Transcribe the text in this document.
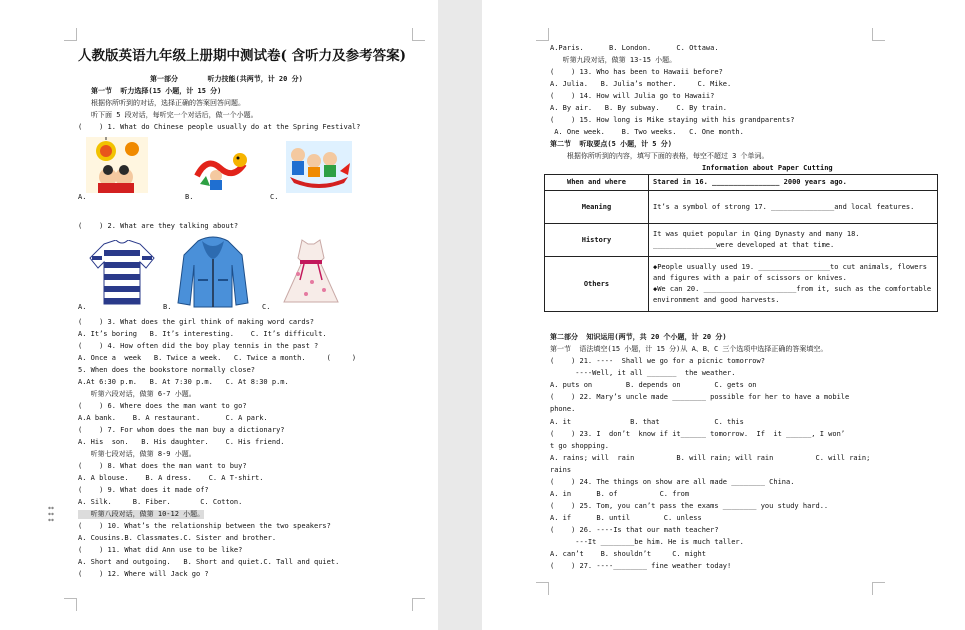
人教版英语九年级上册期中测试卷( 含听力及参考答案)
第一部分       听力技能(共两节，计 20 分)
第一节  听力选择(15 小题，计 15 分)
根据你所听到的对话，选择正确的答案回答问题。
听下面 5 段对话，每听完一个对话后，做一个小题。
(    ) 1. What do Chinese people usually do at the Spring Festival?
A.	B.	C.
(    ) 2. What are they talking about?
A.	B.	C.
(    ) 3. What does the girl think of making word cards?
A. It’s boring   B. It’s interesting.    C. It’s difficult.
(    ) 4. How often did the boy play tennis in the past ?
A. Once a  week   B. Twice a week.   C. Twice a month.     (     )
5. When does the bookstore normally close?
A.At 6:30 p.m.   B. At 7:30 p.m.   C. At 8:30 p.m.
听第六段对话，做第 6-7 小题。
(    ) 6. Where does the man want to go?
A.A bank.    B. A restaurant.      C. A park.
(    ) 7. For whom does the man buy a dictionary?
A. His  son.   B. His daughter.    C. His friend.
听第七段对话，做第 8-9 小题。
(    ) 8. What does the man want to buy?
A. A blouse.    B. A dress.    C. A T-shirt.
(    ) 9. What does it made of?
A. Silk.     B. Fiber.       C. Cotton.
听第八段对话，做第 10-12 小题。
(    ) 10. What’s the relationship between the two speakers?
A. Cousins.B. Classmates.C. Sister and brother.
(    ) 11. What did Ann use to be like?
A. Short and outgoing.   B. Short and quiet.C. Tall and quiet.
(    ) 12. Where will Jack go ?
A.Paris.      B. London.      C. Ottawa.
听第九段对话，做第 13-15 小题。
(    ) 13. Who has been to Hawaii before?
A. Julia.   B. Julia’s mother.     C. Mike.
(    ) 14. How will Julia go to Hawaii?
A. By air.   B. By subway.    C. By train.
(    ) 15. How long is Mike staying with his grandparents?
A. One week.    B. Two weeks.   C. One month.
第二节  听取要点(5 小题，计 5 分)
根据你所听到的内容，填写下面的表格，每空不超过 3 个单词。
Information about Paper Cutting
When and where	Stared in 16. ________________ 2000 years ago.
Meaning	It’s a symbol of strong 17. _______________and local features.
History	It was quiet popular in Qing Dynasty and many 18. _______________were developed at that time.
Others	◆People usually used 19. _________________to cut animals, flowers and figures with a pair of scissors or knives.
◆We can 20. ______________________from it, such as the comfortable environment and good harvests.
第二部分  知识运用(两节，共 20 个小题，计 20 分)
第一节  语法填空(15 小题，计 15 分)从 A、B、C 三个选项中选择正确的答案填空。
(    ) 21. ----  Shall we go for a picnic tomorrow?
----Well, it all _______  the weather.
A. puts on        B. depends on        C. gets on
(    ) 22. Mary’s uncle made ________ possible for her to have a mobile
phone.
A. it              B. that             C. this
(    ) 23. I  don’t  know if it______ tomorrow.  If  it ______, I won’
t go shopping.
A. rains; will  rain          B. will rain; will rain          C. will rain;
rains
(    ) 24. The things on show are all made ________ China.
A. in      B. of          C. from
(    ) 25. Tom, you can’t pass the exams ________ you study hard..
A. if      B. until        C. unless
(    ) 26. ----Is that our math teacher?
---It ________be him. He is much taller.
A. can’t    B. shouldn’t     C. might
(    ) 27. ----________ fine weather today!
